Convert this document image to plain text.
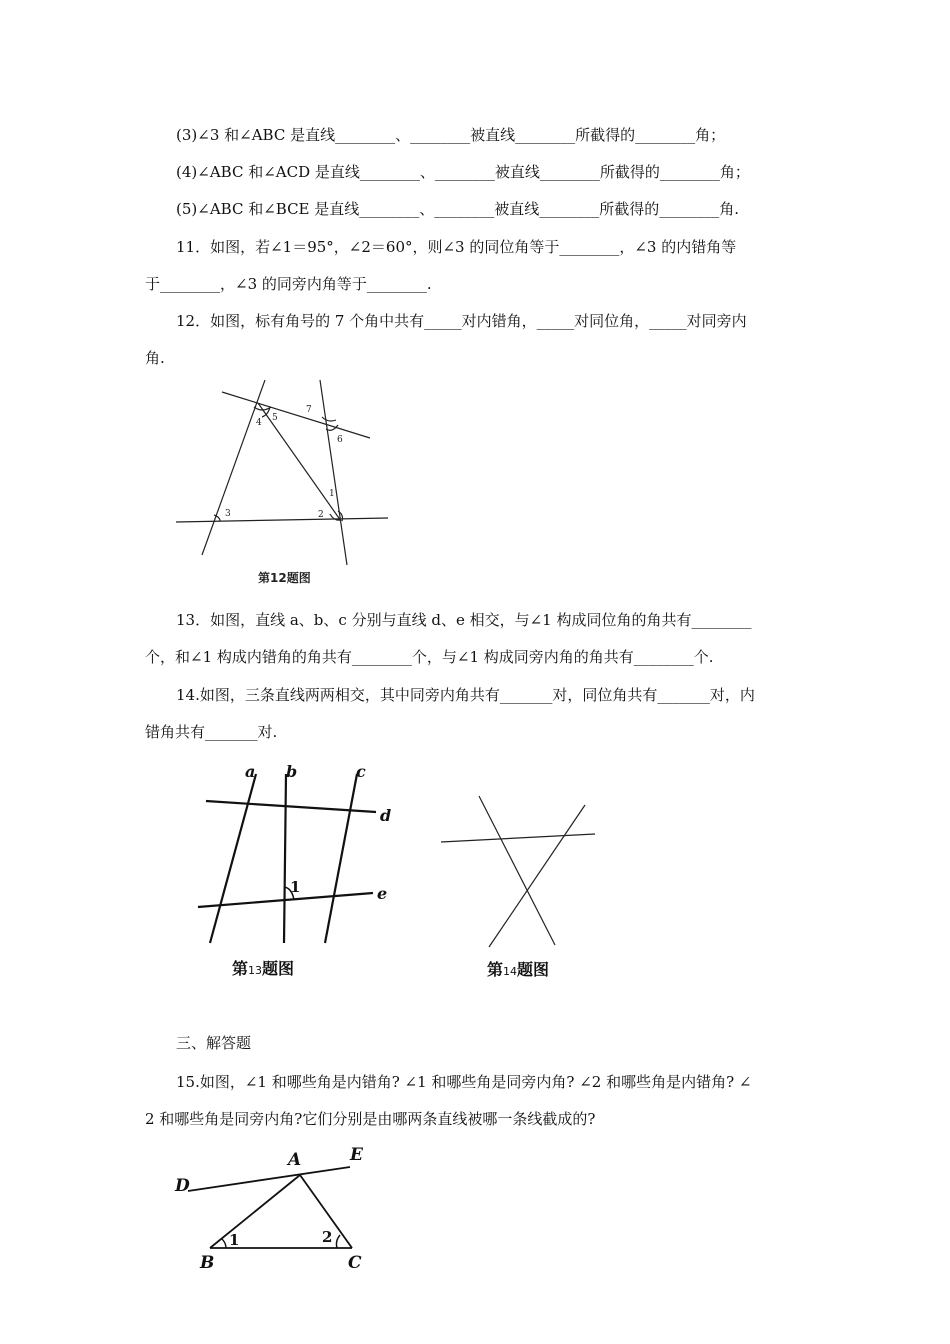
(3)∠3 和∠ABC 是直线________、________被直线________所截得的________角；
(4)∠ABC 和∠ACD 是直线________、________被直线________所截得的________角；
(5)∠ABC 和∠BCE 是直线________、________被直线________所截得的________角.
11．如图，若∠1＝95°，∠2＝60°，则∠3 的同位角等于________，∠3 的内错角等
于________，∠3 的同旁内角等于________.
12．如图，标有角号的 7 个角中共有_____对内错角，_____对同位角，_____对同旁内
角.
1
2
3
4 5
6
7
第12题图
13．如图，直线 a、b、c 分别与直线 d、e 相交，与∠1 构成同位角的角共有________
个，和∠1 构成内错角的角共有________个，与∠1 构成同旁内角的角共有________个.
14.如图，三条直线两两相交，其中同旁内角共有_______对，同位角共有_______对，内
错角共有_______对.
a b	c
d
e
1
第13题图	第14题图
三、解答题
15.如图，∠1 和哪些角是内错角? ∠1 和哪些角是同旁内角? ∠2 和哪些角是内错角? ∠
2 和哪些角是同旁内角?它们分别是由哪两条直线被哪一条线截成的?
A	E
D
B	C
1	2
